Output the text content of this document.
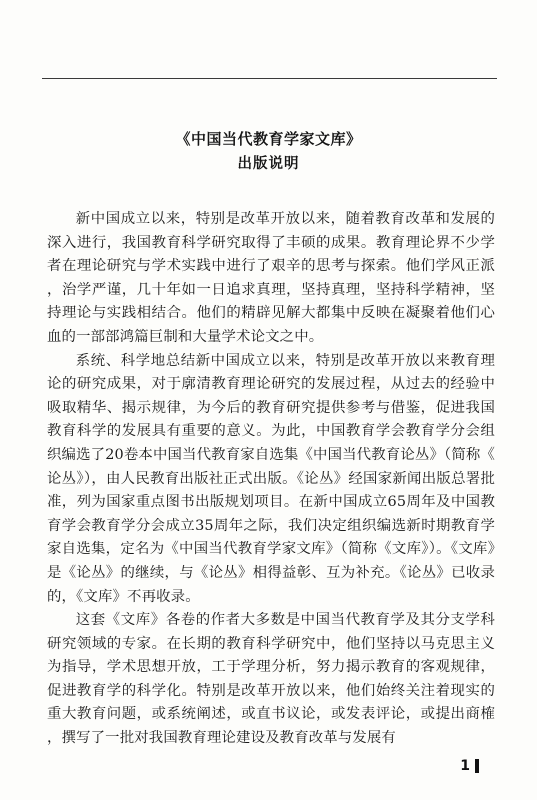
《中国当代教育学家文库》
出版说明

新中国成立以来，特别是改革开放以来，随着教育改革和发展的深入进行，我国教育科学研究取得了丰硕的成果。教育理论界不少学者在理论研究与学术实践中进行了艰辛的思考与探索。他们学风正派，治学严谨，几十年如一日追求真理，坚持真理，坚持科学精神，坚持理论与实践相结合。他们的精辟见解大都集中反映在凝聚着他们心血的一部部鸿篇巨制和大量学术论文之中。

系统、科学地总结新中国成立以来，特别是改革开放以来教育理论的研究成果，对于廓清教育理论研究的发展过程，从过去的经验中吸取精华、揭示规律，为今后的教育研究提供参考与借鉴，促进我国教育科学的发展具有重要的意义。为此，中国教育学会教育学分会组织编选了20卷本中国当代教育家自选集《中国当代教育论丛》（简称《论丛》），由人民教育出版社正式出版。《论丛》经国家新闻出版总署批准，列为国家重点图书出版规划项目。在新中国成立65周年及中国教育学会教育学分会成立35周年之际，我们决定组织编选新时期教育学家自选集，定名为《中国当代教育学家文库》（简称《文库》）。《文库》是《论丛》的继续，与《论丛》相得益彰、互为补充。《论丛》已收录的，《文库》不再收录。

这套《文库》各卷的作者大多数是中国当代教育学及其分支学科研究领域的专家。在长期的教育科学研究中，他们坚持以马克思主义为指导，学术思想开放，工于学理分析，努力揭示教育的客观规律，促进教育学的科学化。特别是改革开放以来，他们始终关注着现实的重大教育问题，或系统阐述，或直书议论，或发表评论，或提出商榷，撰写了一批对我国教育理论建设及教育改革与发展有

1
